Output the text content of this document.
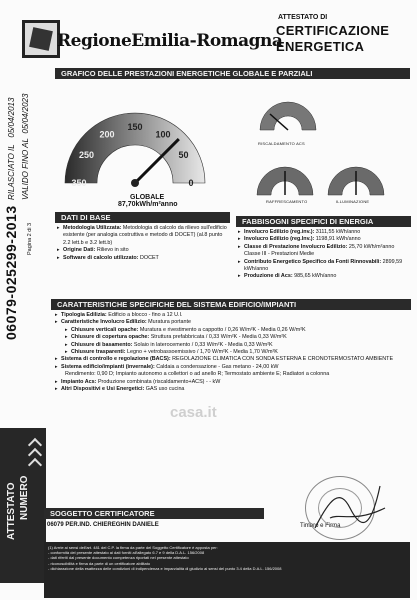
RegioneEmilia-Romagna
ATTESTATO DI
CERTIFICAZIONE
ENERGETICA
GRAFICO DELLE PRESTAZIONI ENERGETICHE GLOBALE E PARZIALI
RILASCIATO IL   05/04/2013
VALIDO FINO AL  05/04/2023
Pagina 2 di 3
06079-025299-2013
ATTESTATO NUMERO
350
250
200
150
100
50
0
GLOBALE
87,70kWh/m²anno
RISCALDAMENTO ACS
RAFFRESCAMENTO	ILLUMINAZIONE
DATI DI BASE
▸ Metodologia Utilizzata: Metodologia di calcolo da rilievo sull'edificio esistente (per analogia costruttiva e metodo di DOCET) (al.8 punto 2.2 lett.b e 3.2 lett.b)
▸ Origine Dati: Rilievo in sito
▸ Software di calcolo utilizzato: DOCET
FABBISOGNI SPECIFICI DI ENERGIA
▸ Involucro Edilizio (reg.inv.): 3111,55 kWh/anno
▸ Involucro Edilizio (reg.Inv.): 1198,91 kWh/anno
▸ Classe di Prestazione Involucro Edilizio: 25,70 kWh/m²anno Classe III - Prestazioni Medie
▸ Contributo Energetico Specifico da Fonti Rinnovabili: 2899,59 kWh/anno
▸ Produzione di Acs: 985,65 kWh/anno
CARATTERISTICHE SPECIFICHE DEL SISTEMA EDIFICIO/IMPIANTI
▸ Tipologia Edilizia: Edificio a blocco - fino a 12 U.I.
▸ Caratteristiche Involucro Edilizio: Muratura portante
▸ Chiusure verticali opache: Muratura e rivestimento a cappotto / 0,26 W/m²K - Media 0,26 W/m²K
▸ Chiusure di copertura opache: Struttura prefabbricata / 0,33 W/m²K - Media 0,33 W/m²K
▸ Chiusure di basamento: Solaio in laterocemento / 0,33 W/m²K - Media 0,33 W/m²K
▸ Chiusure trasparenti: Legno + vetrobassoemissivo / 1,70 W/m²K - Media 1,70 W/m²K
▸ Sistema di controllo e regolazione (BACS): REGOLAZIONE CLIMATICA CON SONDA ESTERNA E CRONOTERMOSTATO AMBIENTE
▸ Sistema edificio/impianti (invernale): Caldaia a condensazione - Gas metano - 24,00 kW
Rendimento: 0,90 D; Impianto autonomo a collettori o ad anello R; Termostato ambiente E; Radiatori a colonna
▸ Impianto Acs: Produzione combinata (riscaldamento+ACS) - - kW
▸ Altri Dispositivi e Usi Energetici: GAS uso cucina
casa.it
SOGGETTO CERTIFICATORE
06079 PER.IND. CHIEREGHIN DANIELE	Timbro e Firma
(1) Arrrie ai sensi dell'art. 481 del C.P. la firma da parte del Soggetto Certificatore è apposta per:
- conformità del presente attestato ai dati forniti all'allegato 6.7 e 9 della D.A.L. 156/2008
- dati riferiti dal presente documento competenza riportati nel presente attestato
- riconoscibilità e firma da parte di un certificatore abilitato
- dichiarazione della esattezza delle condizioni di indipendenza e imparzialità di giudizio ai sensi del punto 3.4 della D.A.L. 156/2008
